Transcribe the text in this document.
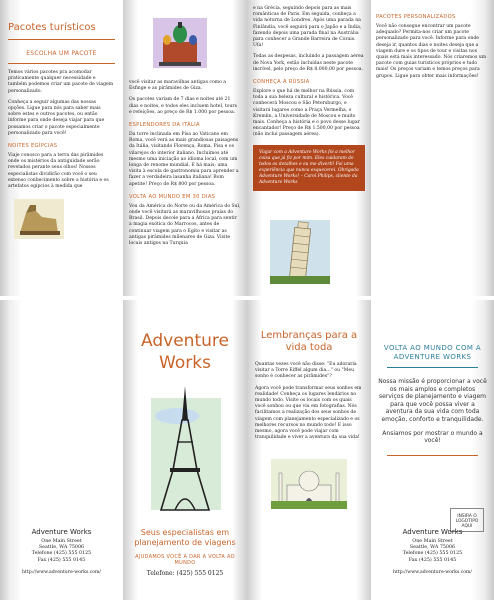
Pacotes turísticos
ESCOLHA UM PACOTE

Temos vários pacotes pra acomodar praticamente qualquer necessidade e também podemos criar um pacote de viagem personalizado.

Conheça a seguir algumas das nossas opções. Ligue para nós para saber mais sobre estes e outros pacotes, ou então informe para onde deseja viajar para que possamos criar o pacote especialmente personalizado para você!

NOITES EGÍPCIAS

Viaje conosco para a terra das pirâmides onde os mistérios da antiguidade serão revelados perante seus olhos! Nossos especialistas dividirão com você o seu extenso conhecimento sobre a história e os artefatos egípcios à medida que

você visitar as maravilhas antigas como a Esfinge e as pirâmides de Giza.

Os pacotes variam de 7 dias e noites até 21 dias e noites, e todos eles incluem hotel, tours e refeições, ao preço de R$ 1.000 por pessoa.

ESPLENDORES DA ITÁLIA

Da torre inclinada em Pisa ao Vaticano em Roma, você verá as mais grandiosas paisagens da Itália, visitando Florença, Roma, Pisa e os vilarejos do interior italiano. Incluímos até mesmo uma iniciação ao idioma local, com um longa de renome mundial. E há mais; uma visita à escola de gastronomia para aprender a fazer a verdadeira lasanha italiana! Bom apetite! Preço de R$ 800 por pessoa.

VOLTA AO MUNDO EM 30 DIAS

Vou da América do Norte ou da América do Sul, onde você visitará as maravilhosas praias do Brasil. Depois decole para a África para sentir a magia exótica do Marrocos, antes de continuar viagem para o Egito e visitar as antigas pirâmides milenares de Giza. Visite locais antigos na Turquia

e na Grécia, seguindo depois para as mais românticas de Paris. Em seguida, conheça a vida noturna de Londres. Após uma parada na Finlândia, você seguirá para o Japão e a Índia, fazendo depois uma parada final na Austrália para conhecer a Grande Barreira de Corais. Ufa!

Todas as despesas, incluindo a passagem aérea de Nova York, estão incluídas neste pacote incrível, pelo preço de R$ 8.000,00 por pessoa.

CONHEÇA A RÚSSIA

Explore o que há de melhor na Rússia, com toda a sua beleza cultural e histórica. Você conhecerá Moscou e São Petersburgo, e visitará lugares como a Praça Vermelha, o Kremlin, a Universidade de Moscou e muito mais. Conheça a história e o povo desse lugar encantador! Preço de R$ 1.500,00 por pessoa (não inclui passagem aérea).

Viajar com a Adventure Works foi a melhor coisa que já fiz por mim. Eles cuidaram de todos os detalhes e eu me diverti! Foi uma experiência que nunca esquecerei. Obrigada Adventure Works! – Carol Philips, cliente da Adventure Works
PACOTES PERSONALIZADOS

Você não consegue encontrar um pacote adequado? Permita-nos criar um pacote personalizado para você. Informe para onde deseja ir, quantos dias e noites deseja que a viagem dure e os tipos de tour e visitas nos quais está mais interessado. Nós criaremos um pacote com guias turísticos próprios e tudo mais! Os preços variam e temos preços para grupos. Ligue para obter mais informações!

Adventure Works
One Main Street
Seattle, WA 75006
Telefone (425) 555 0125
Fax (425) 555 0145
http://www.adventure-works.com/
Adventure Works
Seus especialistas em planejamento de viagens
AJUDAMOS VOCÊ A DAR A VOLTA AO MUNDO
Telefone: (425) 555 0125
Lembranças para a vida toda

Quantas vezes você não disse: "Eu adoraria visitar a Torre Eiffel algum dia…" ou "Meu sonho é conhecer as pirâmides"?

Agora você pode transformar seus sonhos em realidade! Conheça os lugares lendários no mundo todo. Visite os locais com os quais você sonhou ou que viu em fotografias. Nós facilitamos a realização dos seus sonhos de viagem com planejamento especializado e os melhores recursos no mundo todo! E isso mesmo, agora você pode viajar com tranquilidade e viver a aventura da sua vida!

VOLTA AO MUNDO COM A ADVENTURE WORKS
Nossa missão é proporcionar a você os mais amplos e completos serviços de planejamento e viagem para que você possa viver a aventura da sua vida com toda emoção, conforto e tranquilidade.
Ansiamos por mostrar o mundo a você!
INSIRA O LOGOTIPO AQUI
Adventure Works
One Main Street
Seattle, WA 75006
Telefone (425) 555 0125
Fax (425) 555 0145
http://www.adventure-works.com/
